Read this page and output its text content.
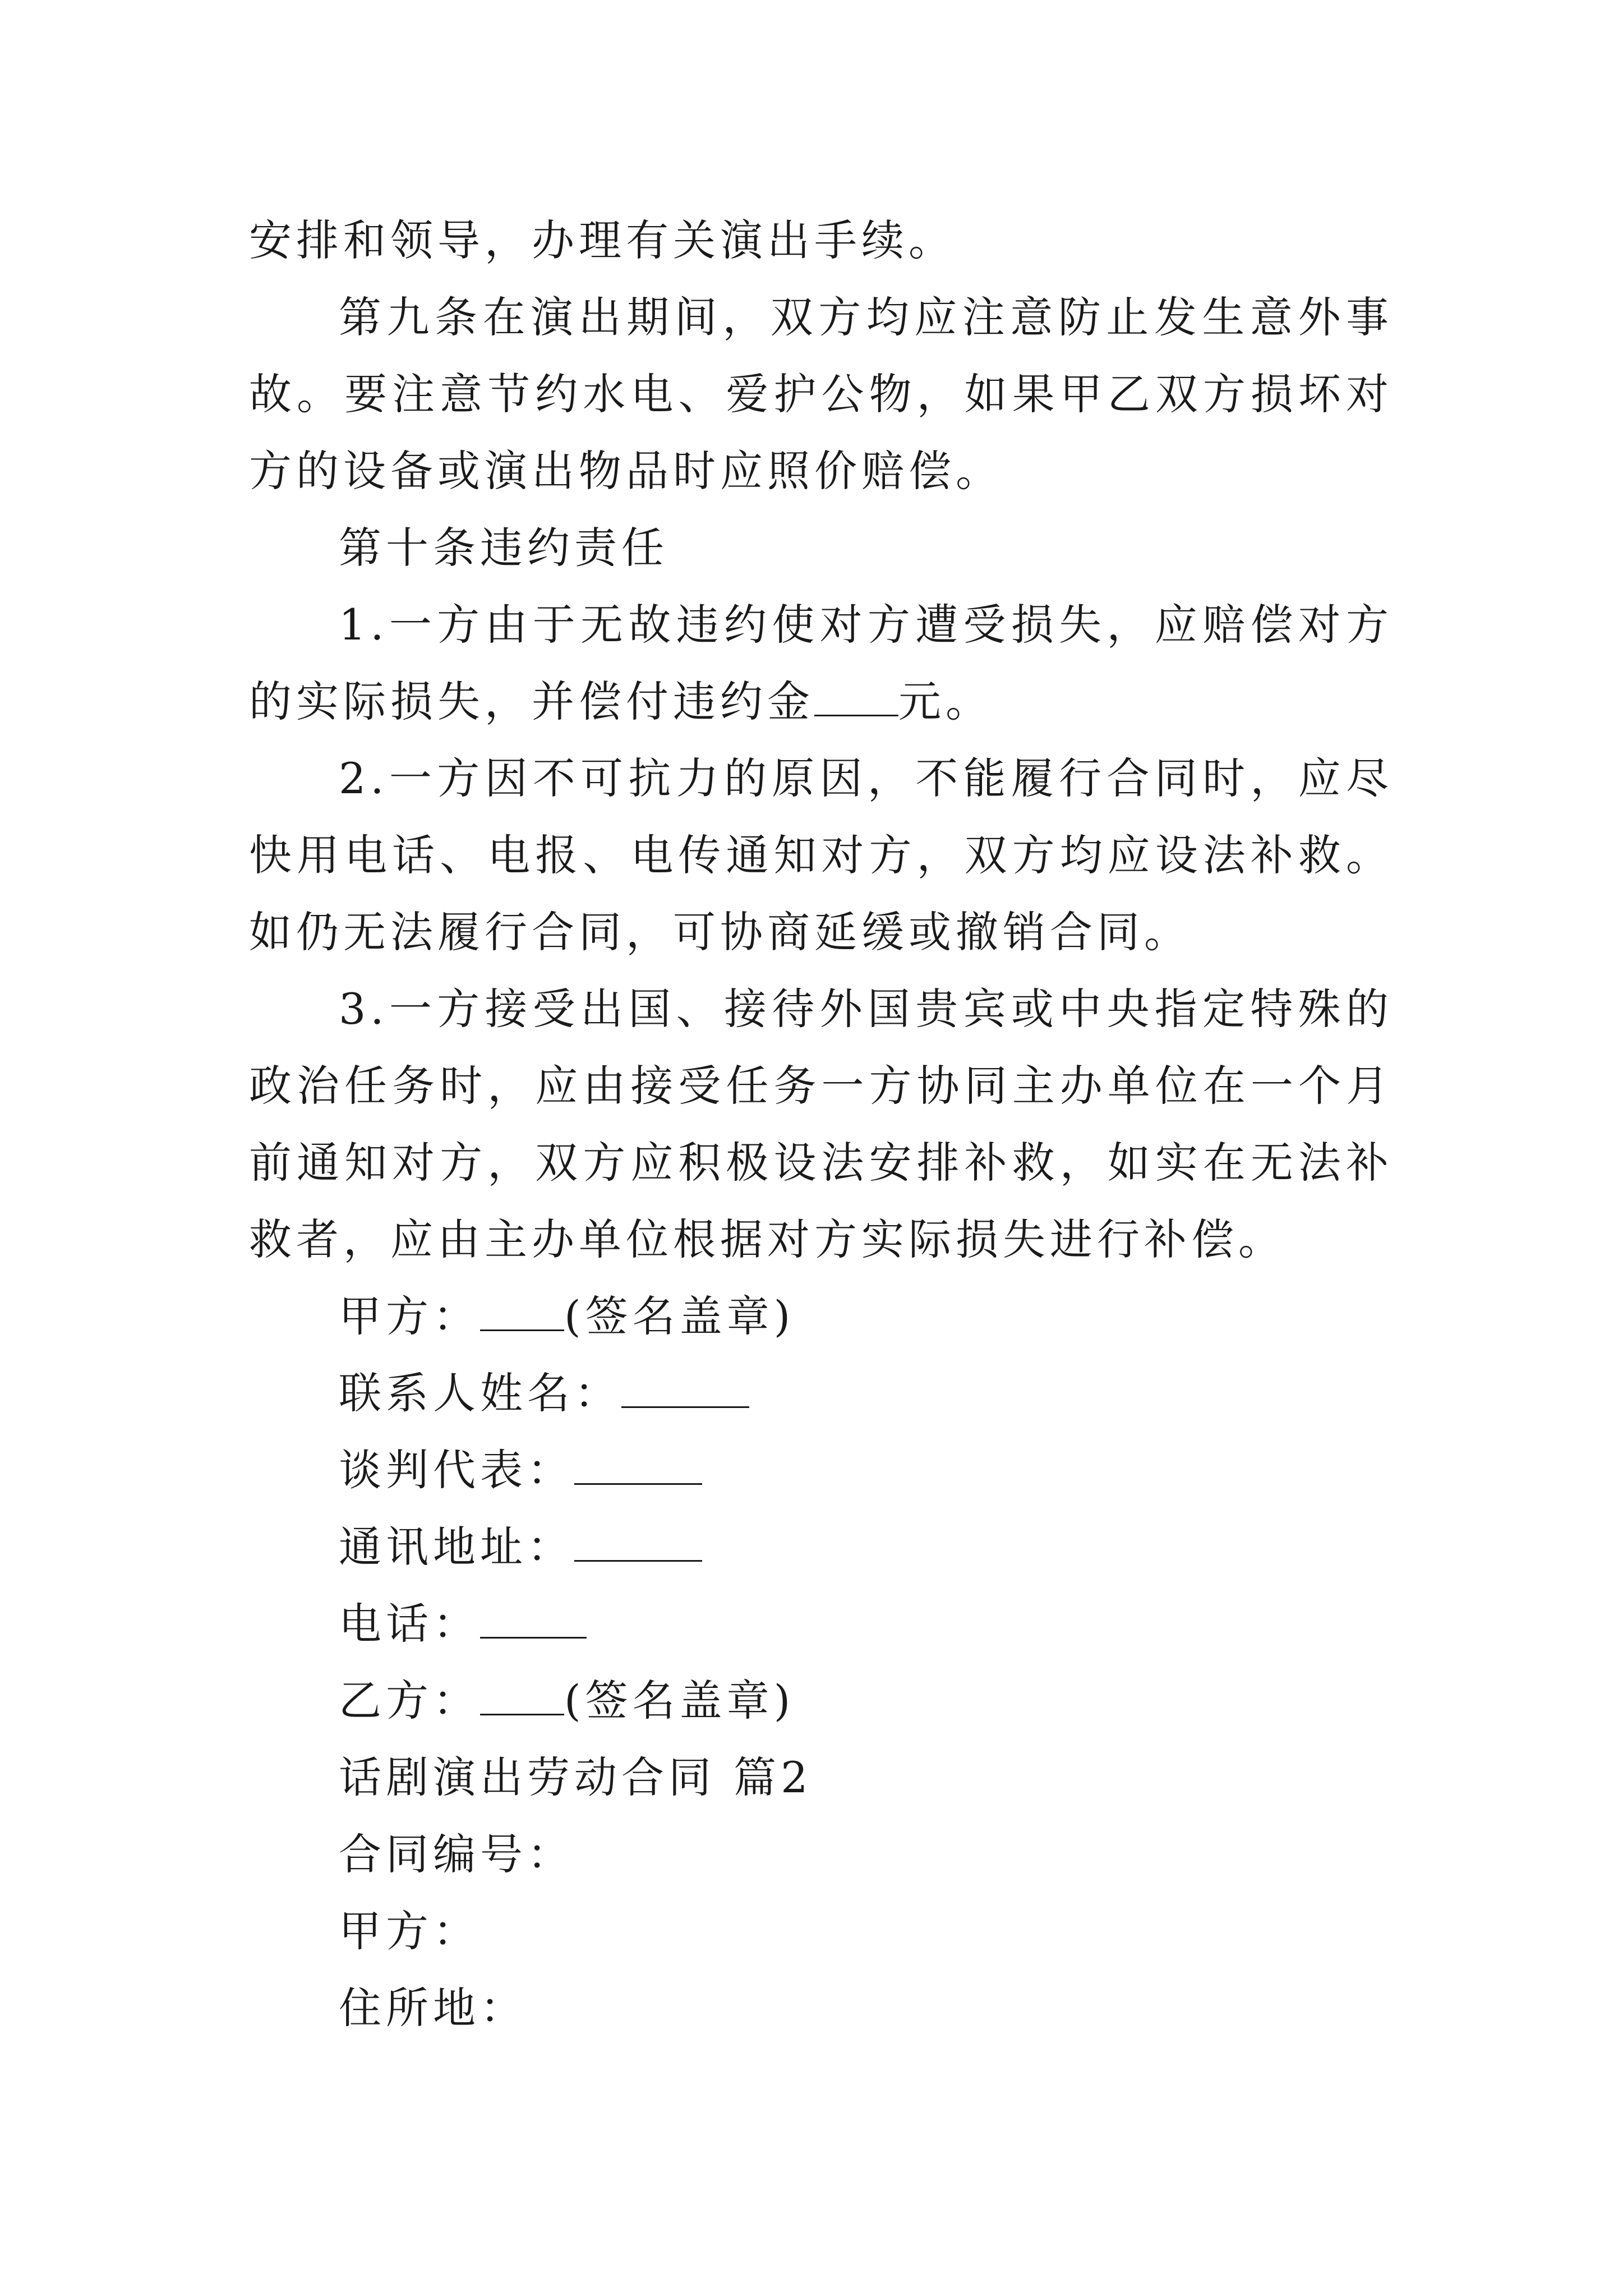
安排和领导，办理有关演出手续。

第九条在演出期间，双方均应注意防止发生意外事故。要注意节约水电、爱护公物，如果甲乙双方损坏对方的设备或演出物品时应照价赔偿。

第十条违约责任

1.一方由于无故违约使对方遭受损失，应赔偿对方的实际损失，并偿付违约金 元。

2.一方因不可抗力的原因，不能履行合同时，应尽快用电话、电报、电传通知对方，双方均应设法补救。如仍无法履行合同，可协商延缓或撤销合同。

3.一方接受出国、接待外国贵宾或中央指定特殊的政治任务时，应由接受任务一方协同主办单位在一个月前通知对方，双方应积极设法安排补救，如实在无法补救者，应由主办单位根据对方实际损失进行补偿。

甲方： (签名盖章)

联系人姓名：

谈判代表：

通讯地址：

电话：

乙方： (签名盖章)

话剧演出劳动合同 篇2

合同编号：

甲方：

住所地：
